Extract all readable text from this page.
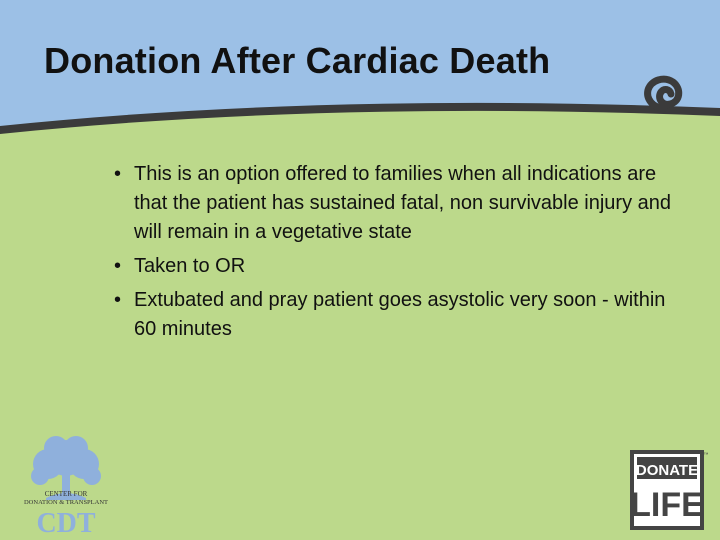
Donation After Cardiac Death
• This is an option offered to families when all indications are that the patient has sustained fatal, non survivable injury and will remain in a vegetative state
• Taken to OR
• Extubated and pray patient goes asystolic very soon - within 60 minutes
CENTER FOR
DONATION & TRANSPLANT
CDT
DONATE
LIFE
™
